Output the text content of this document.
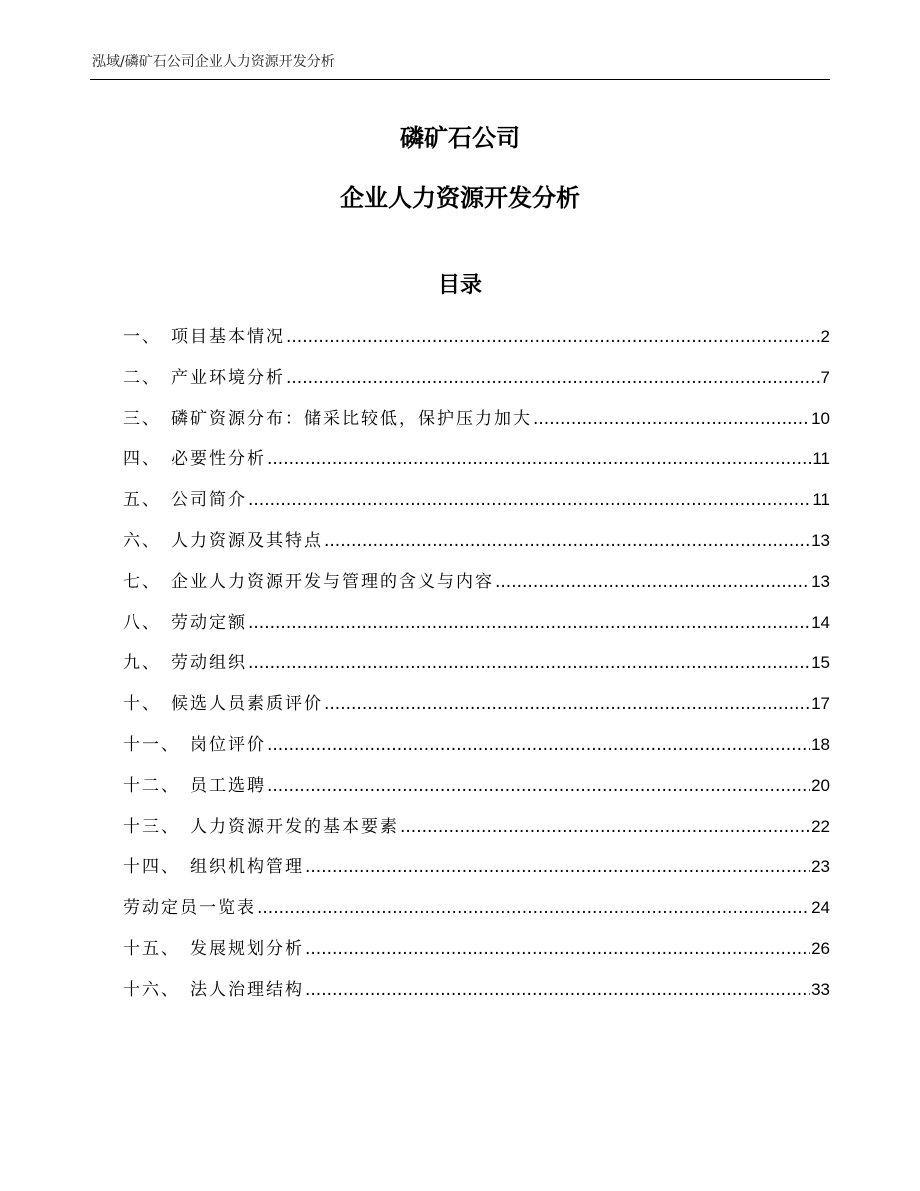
泓域/磷矿石公司企业人力资源开发分析
磷矿石公司
企业人力资源开发分析
目录
一、 项目基本情况 .....	2
二、 产业环境分析 .....	7
三、 磷矿资源分布：储采比较低，保护压力加大 .....	10
四、 必要性分析 .....	11
五、 公司简介 .....	11
六、 人力资源及其特点 .....	13
七、 企业人力资源开发与管理的含义与内容 .....	13
八、 劳动定额 .....	14
九、 劳动组织 .....	15
十、 候选人员素质评价 .....	17
十一、 岗位评价 .....	18
十二、 员工选聘 .....	20
十三、 人力资源开发的基本要素 .....	22
十四、 组织机构管理 .....	23
劳动定员一览表 .....	24
十五、 发展规划分析 .....	26
十六、 法人治理结构 .....	33
